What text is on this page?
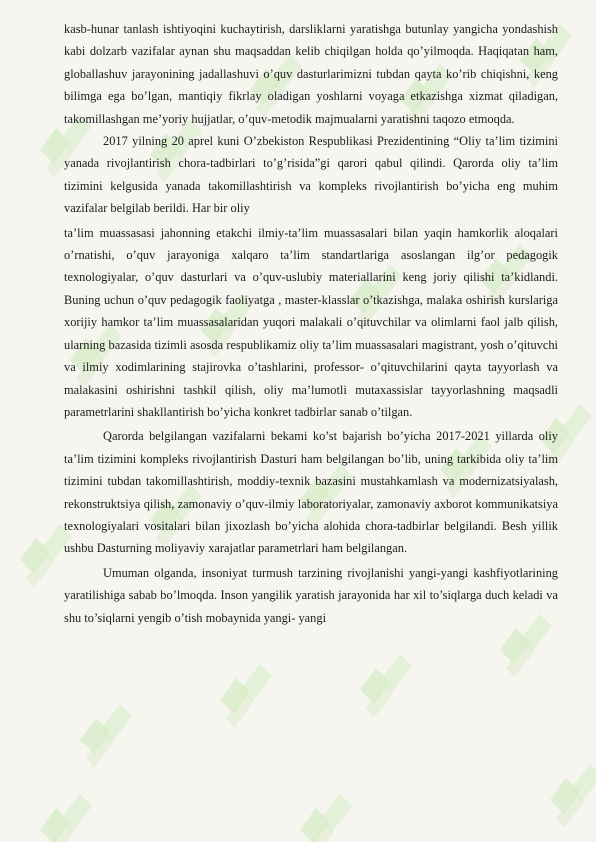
kasb-hunar tanlash ishtiyoqini kuchaytirish, darsliklarni yaratishga butunlay yangicha yondashish kabi dolzarb vazifalar aynan shu maqsaddan kelib chiqilgan holda qo’yilmoqda. Haqiqatan ham, globallashuv jarayonining jadallashuvi o’quv dasturlarimizni tubdan qayta ko’rib chiqishni, keng bilimga ega bo’lgan, mantiqiy fikrlay oladigan yoshlarni voyaga etkazishga xizmat qiladigan, takomillashgan me’yoriy hujjatlar, o’quv-metodik majmualarni yaratishni taqozo etmoqda.

2017 yilning 20 aprel kuni O’zbekiston Respublikasi Prezidentining “Oliy ta’lim tizimini yanada rivojlantirish chora-tadbirlari to’g’risida”gi qarori qabul qilindi. Qarorda oliy ta’lim tizimini kelgusida yanada takomillashtirish va kompleks rivojlantirish bo’yicha eng muhim vazifalar belgilab berildi. Har bir oliy

ta’lim muassasasi jahonning etakchi ilmiy-ta’lim muassasalari bilan yaqin hamkorlik aloqalari o’rnatishi, o’quv jarayoniga xalqaro ta’lim standartlariga asoslangan ilg’or pedagogik texnologiyalar, o’quv dasturlari va o’quv-uslubiy materiallarini keng joriy qilishi ta’kidlandi. Buning uchun o’quv pedagogik faoliyatga , master-klasslar o’tkazishga, malaka oshirish kurslariga xorijiy hamkor ta’lim muassasalaridan yuqori malakali o’qituvchilar va olimlarni faol jalb qilish, ularning bazasida tizimli asosda respublikamiz oliy ta’lim muassasalari magistrant, yosh o’qituvchi va ilmiy xodimlarining stajirovka o’tashlarini, professor- o’qituvchilarini qayta tayyorlash va malakasini oshirishni tashkil qilish, oliy ma’lumotli mutaxassislar tayyorlashning maqsadli parametrlarini shakllantirish bo’yicha konkret tadbirlar sanab o’tilgan.

Qarorda belgilangan vazifalarni bekami ko’st bajarish bo’yicha 2017-2021 yillarda oliy ta’lim tizimini kompleks rivojlantirish Dasturi ham belgilangan bo’lib, uning tarkibida oliy ta’lim tizimini tubdan takomillashtirish, moddiy-texnik bazasini mustahkamlash va modernizatsiyalash, rekonstruktsiya qilish, zamonaviy o’quv-ilmiy laboratoriyalar, zamonaviy axborot kommunikatsiya texnologiyalari vositalari bilan jixozlash bo’yicha alohida chora-tadbirlar belgilandi. Besh yillik ushbu Dasturning moliyaviy xarajatlar parametrlari ham belgilangan.

Umuman olganda, insoniyat turmush tarzining rivojlanishi yangi-yangi kashfiyotlarining yaratilishiga sabab bo’lmoqda. Inson yangilik yaratish jarayonida har xil to’siqlarga duch keladi va shu to’siqlarni yengib o’tish mobaynida yangi- yangi
